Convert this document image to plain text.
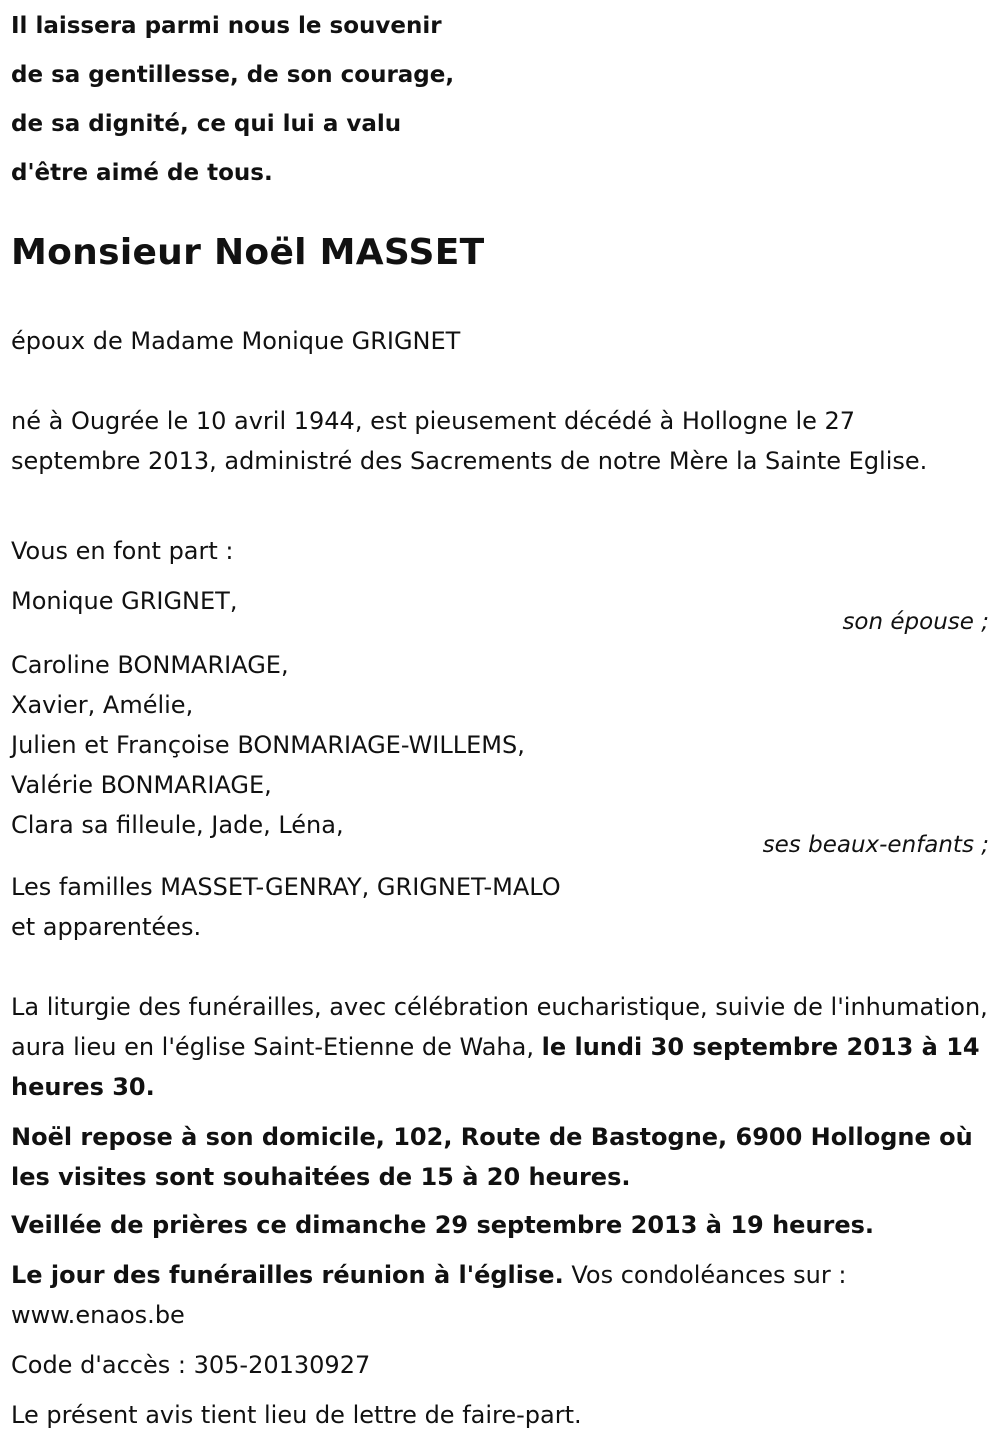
Il laissera parmi nous le souvenir
de sa gentillesse, de son courage,
de sa dignité, ce qui lui a valu
d'être aimé de tous.
Monsieur Noël MASSET
époux de Madame Monique GRIGNET
né à Ougrée le 10 avril 1944, est pieusement décédé à Hollogne le 27 septembre 2013, administré des Sacrements de notre Mère la Sainte Eglise.
Vous en font part :
Monique GRIGNET,
son épouse ;
Caroline BONMARIAGE,
Xavier, Amélie,
Julien et Françoise BONMARIAGE-WILLEMS,
Valérie BONMARIAGE,
Clara sa filleule, Jade, Léna,
ses beaux-enfants ;
Les familles MASSET-GENRAY, GRIGNET-MALO
et apparentées.
La liturgie des funérailles, avec célébration eucharistique, suivie de l'inhumation, aura lieu en l'église Saint-Etienne de Waha, le lundi 30 septembre 2013 à 14 heures 30.
Noël repose à son domicile, 102, Route de Bastogne, 6900 Hollogne où les visites sont souhaitées de 15 à 20 heures.
Veillée de prières ce dimanche 29 septembre 2013 à 19 heures.
Le jour des funérailles réunion à l'église. Vos condoléances sur : www.enaos.be
Code d'accès : 305-20130927
Le présent avis tient lieu de lettre de faire-part.
